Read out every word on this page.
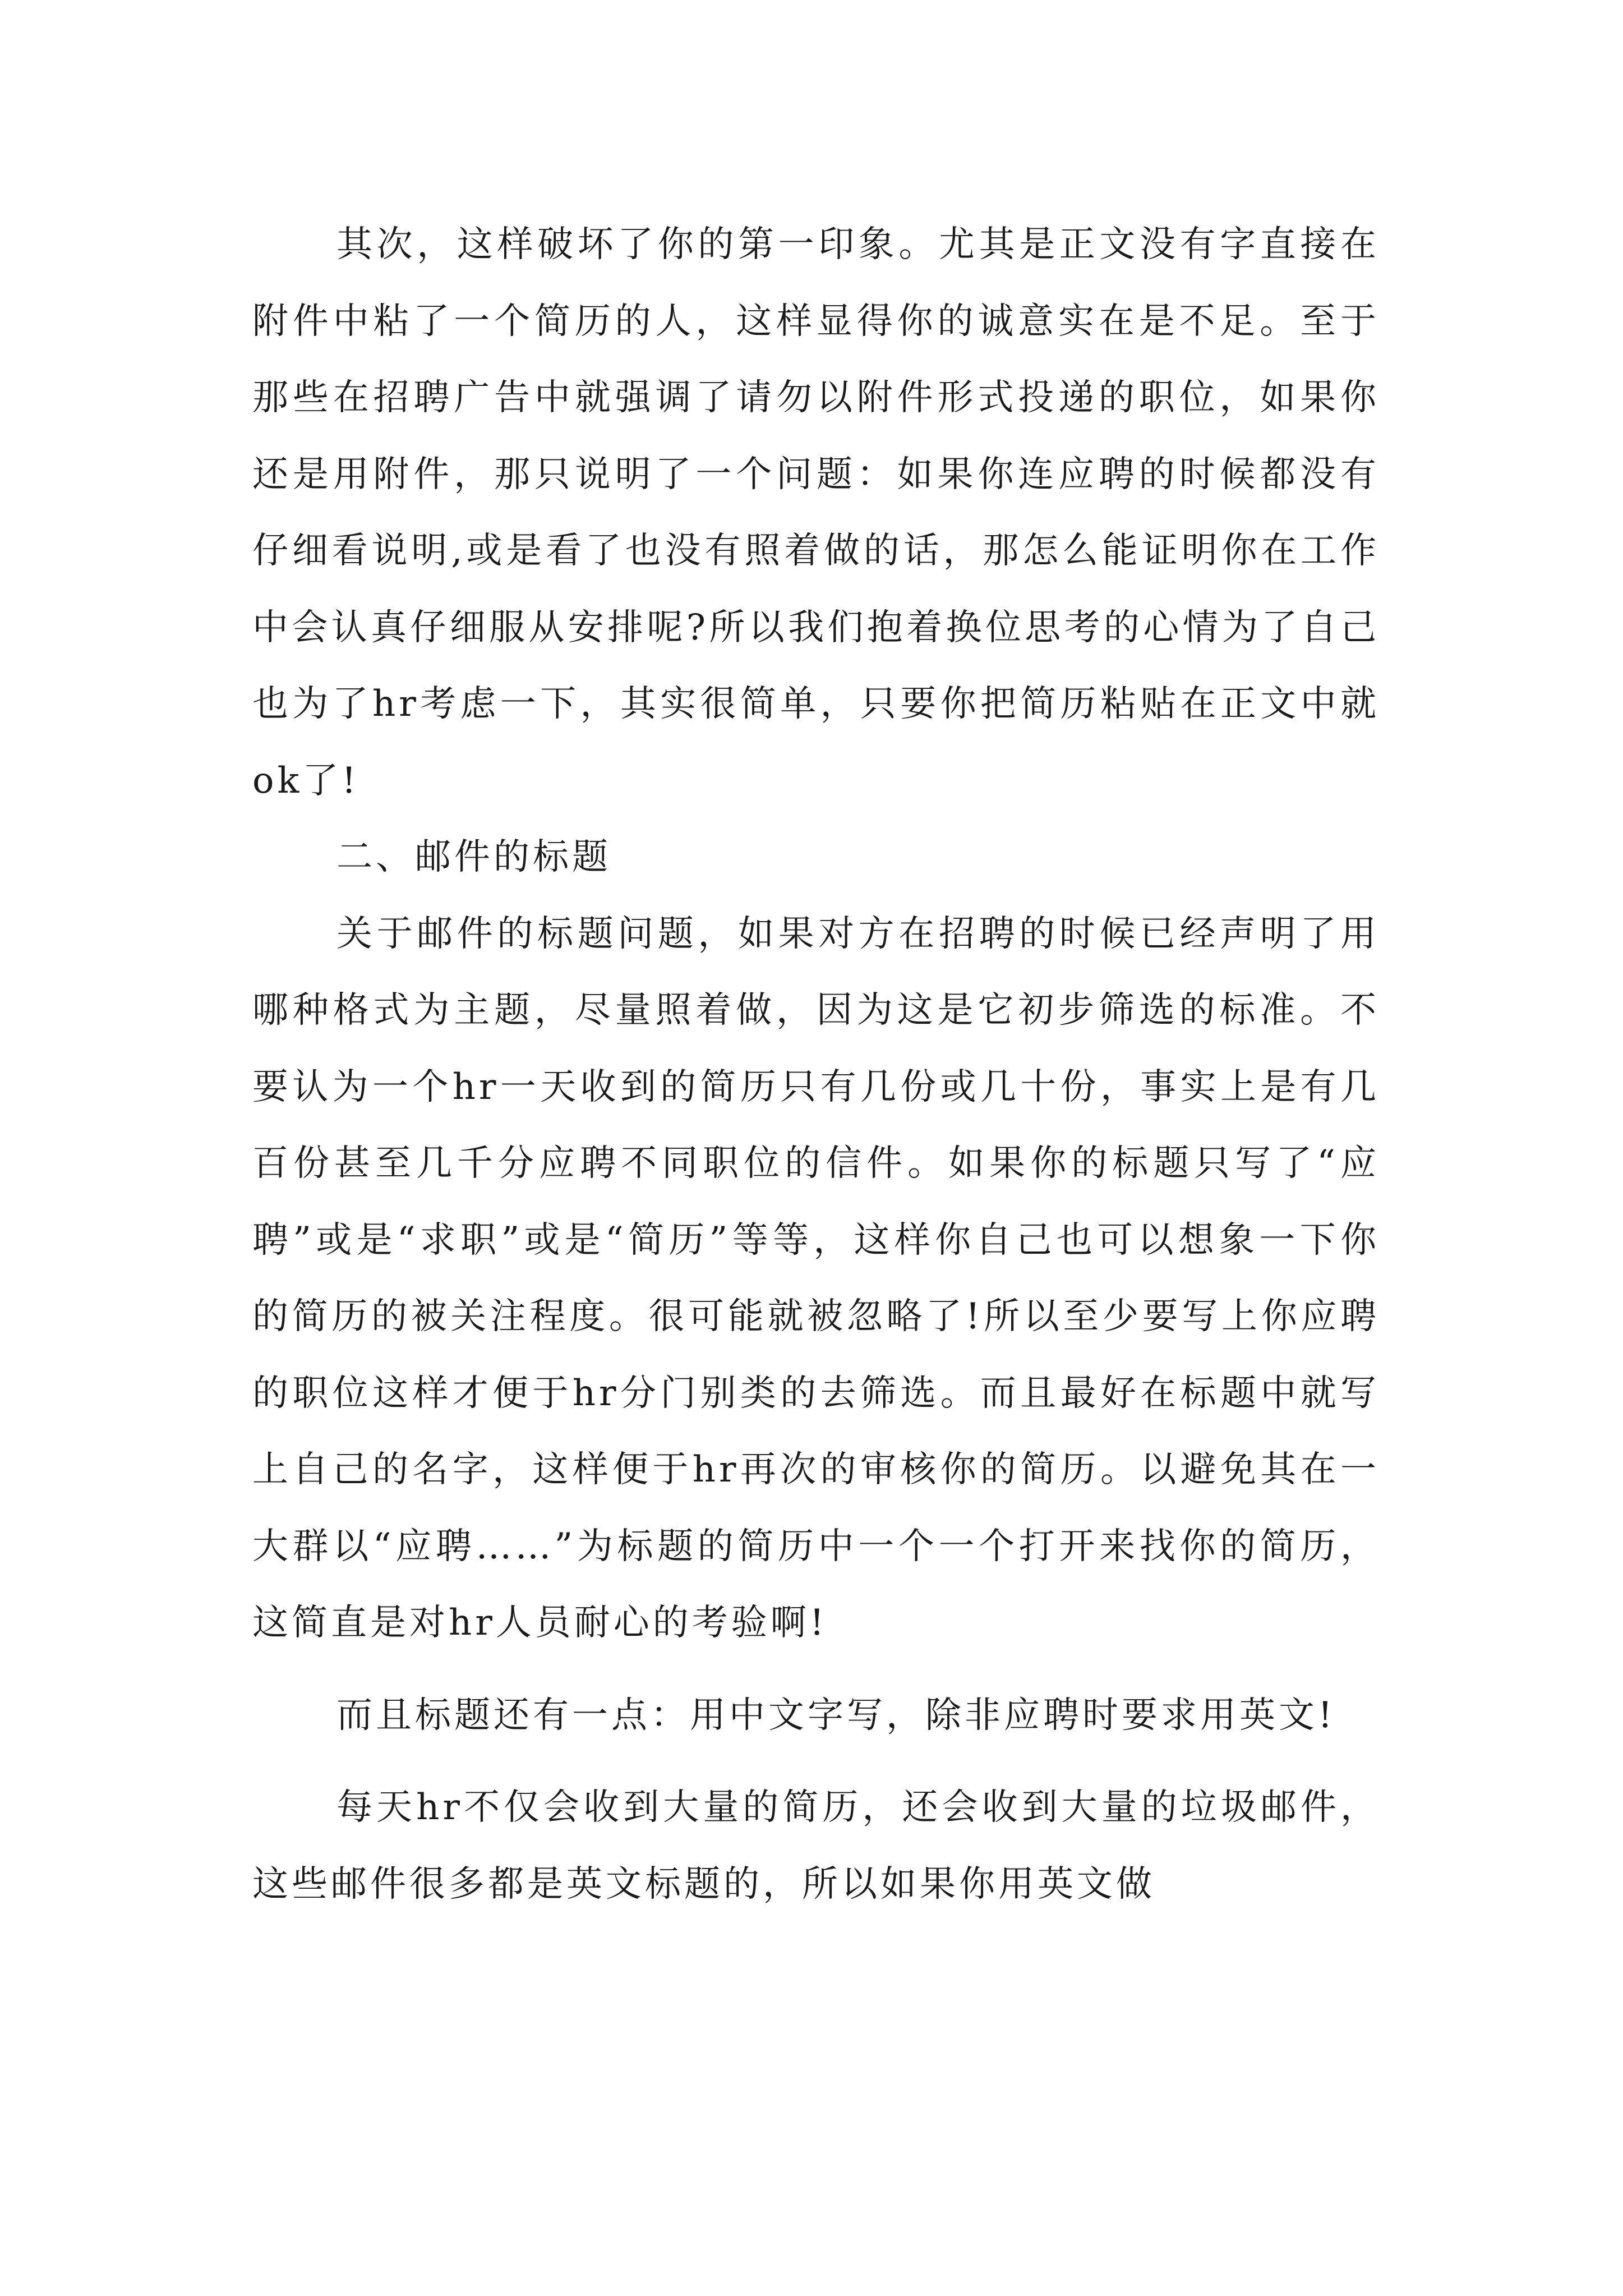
其次，这样破坏了你的第一印象。尤其是正文没有字直接在附件中粘了一个简历的人，这样显得你的诚意实在是不足。至于那些在招聘广告中就强调了请勿以附件形式投递的职位，如果你还是用附件，那只说明了一个问题：如果你连应聘的时候都没有仔细看说明,或是看了也没有照着做的话，那怎么能证明你在工作中会认真仔细服从安排呢?所以我们抱着换位思考的心情为了自己也为了hr考虑一下，其实很简单，只要你把简历粘贴在正文中就ok了!

二、邮件的标题

关于邮件的标题问题，如果对方在招聘的时候已经声明了用哪种格式为主题，尽量照着做，因为这是它初步筛选的标准。不要认为一个hr一天收到的简历只有几份或几十份，事实上是有几百份甚至几千分应聘不同职位的信件。如果你的标题只写了“应聘”或是“求职”或是“简历”等等，这样你自己也可以想象一下你的简历的被关注程度。很可能就被忽略了!所以至少要写上你应聘的职位这样才便于hr分门别类的去筛选。而且最好在标题中就写上自己的名字，这样便于hr再次的审核你的简历。以避免其在一大群以“应聘……”为标题的简历中一个一个打开来找你的简历，这简直是对hr人员耐心的考验啊!

而且标题还有一点：用中文字写，除非应聘时要求用英文!

每天hr不仅会收到大量的简历，还会收到大量的垃圾邮件，这些邮件很多都是英文标题的，所以如果你用英文做
